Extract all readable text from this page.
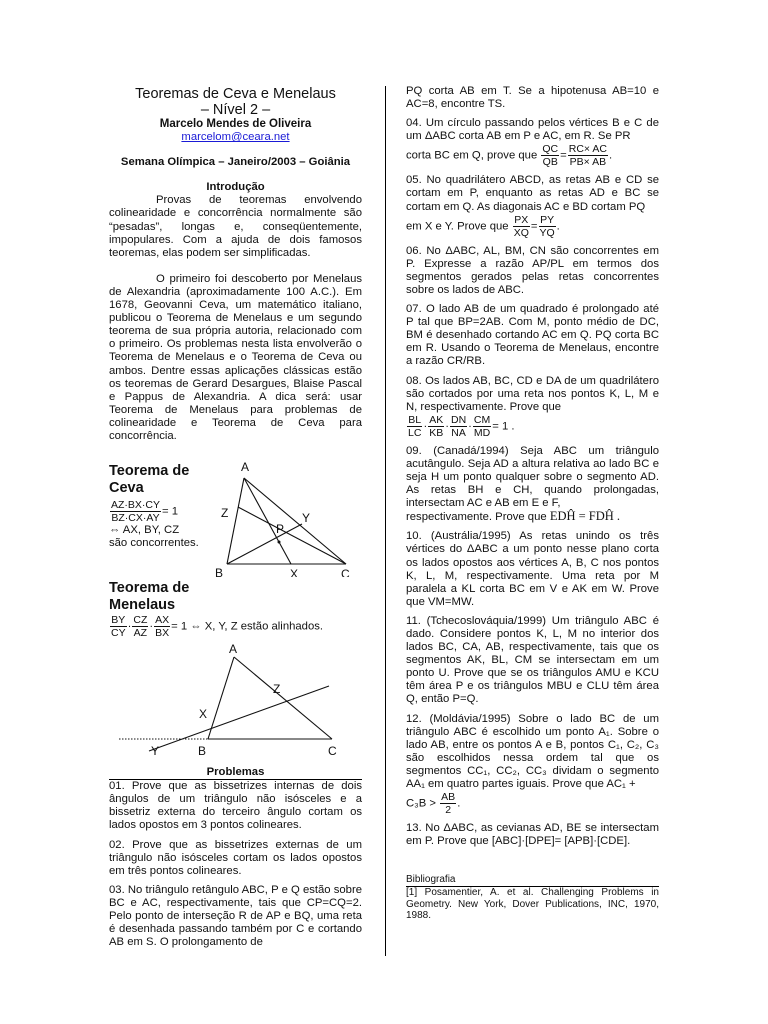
Teoremas de Ceva e Menelaus
– Nível 2 –
Marcelo Mendes de Oliveira
marcelom@ceara.net
Semana Olímpica – Janeiro/2003 – Goiânia
Introdução

Provas de teoremas envolvendo colinearidade e concorrência normalmente são “pesadas”, longas e, conseqüentemente, impopulares. Com a ajuda de dois famosos teoremas, elas podem ser simplificadas.

O primeiro foi descoberto por Menelaus de Alexandria (aproximadamente 100 A.C.). Em 1678, Geovanni Ceva, um matemático italiano, publicou o Teorema de Menelaus e um segundo teorema de sua própria autoria, relacionado com o primeiro. Os problemas nesta lista envolverão o Teorema de Menelaus e o Teorema de Ceva ou ambos. Dentre essas aplicações clássicas estão os teoremas de Gerard Desargues, Blaise Pascal e Pappus de Alexandria. A dica será: usar Teorema de Menelaus para problemas de colinearidade e Teorema de Ceva para concorrência.

Teorema de
Ceva
$\frac{AZ\cdot BX\cdot CY}{BZ\cdot CX\cdot AY} = 1$
⇔ AX, BY, CZ
são concorrentes.
A
B	C
X
Y
Z
P
Teorema de
Menelaus
$\frac{BY}{CY} \cdot \frac{CZ}{AZ} \cdot \frac{AX}{BX} = 1$ ⇔ X, Y, Z estão alinhados.
A
B	C
X
Y
Z
Problemas

01. Prove que as bissetrizes internas de dois ângulos de um triângulo não isósceles e a bissetriz externa do terceiro ângulo cortam os lados opostos em 3 pontos colineares.

02. Prove que as bissetrizes externas de um triângulo não isósceles cortam os lados opostos em três pontos colineares.

03. No triângulo retângulo ABC, P e Q estão sobre BC e AC, respectivamente, tais que CP=CQ=2. Pelo ponto de interseção R de AP e BQ, uma reta é desenhada passando também por C e cortando AB em S. O prolongamento de

PQ corta AB em T. Se a hipotenusa AB=10 e AC=8, encontre TS.

04. Um círculo passando pelos vértices B e C de um ΔABC corta AB em P e AC, em R. Se PR

corta BC em Q, prove que $\frac{QC}{QB} = \frac{RC\times AC}{PB\times AB}$ .

05. No quadrilátero ABCD, as retas AB e CD se cortam em P, enquanto as retas AD e BC se cortam em Q. As diagonais AC e BD cortam PQ

em X e Y. Prove que $\frac{PX}{XQ} = \frac{PY}{YQ}$ .

06. No ΔABC, AL, BM, CN são concorrentes em P. Expresse a razão AP/PL em termos dos segmentos gerados pelas retas concorrentes sobre os lados de ABC.

07. O lado AB de um quadrado é prolongado até P tal que BP=2AB. Com M, ponto médio de DC, BM é desenhado cortando AC em Q. PQ corta BC em R. Usando o Teorema de Menelaus, encontre a razão CR/RB.

08. Os lados AB, BC, CD e DA de um quadrilátero são cortados por uma reta nos pontos K, L, M e N, respectivamente. Prove que

$\frac{BL}{LC} \cdot \frac{AK}{KB} \cdot \frac{DN}{NA} \cdot \frac{CM}{MD} = 1$ .

09. (Canadá/1994) Seja ABC um triângulo acutângulo. Seja AD a altura relativa ao lado BC e seja H um ponto qualquer sobre o segmento AD. As retas BH e CH, quando prolongadas, intersectam AC e AB em E e F,

respectivamente. Prove que EDĤ = FDĤ .

10. (Austrália/1995) As retas unindo os três vértices do ΔABC a um ponto nesse plano corta os lados opostos aos vértices A, B, C nos pontos K, L, M, respectivamente. Uma reta por M paralela a KL corta BC em V e AK em W. Prove que VM=MW.

11. (Tchecoslováquia/1999) Um triângulo ABC é dado. Considere pontos K, L, M no interior dos lados BC, CA, AB, respectivamente, tais que os segmentos AK, BL, CM se intersectam em um ponto U. Prove que se os triângulos AMU e KCU têm área P e os triângulos MBU e CLU têm área Q, então P=Q.

12. (Moldávia/1995) Sobre o lado BC de um triângulo ABC é escolhido um ponto A₁. Sobre o lado AB, entre os pontos A e B, pontos C₁, C₂, C₃ são escolhidos nessa ordem tal que os segmentos CC₁, CC₂, CC₃ dividam o segmento AA₁ em quatro partes iguais. Prove que AC₁ +

$C_3B > \frac{AB}{2}$ .

13. No ΔABC, as cevianas AD, BE se intersectam em P. Prove que [ABC]·[DPE]= [APB]·[CDE].

Bibliografia

[1] Posamentier, A. et al. Challenging Problems in Geometry. New York, Dover Publications, INC, 1970, 1988.
